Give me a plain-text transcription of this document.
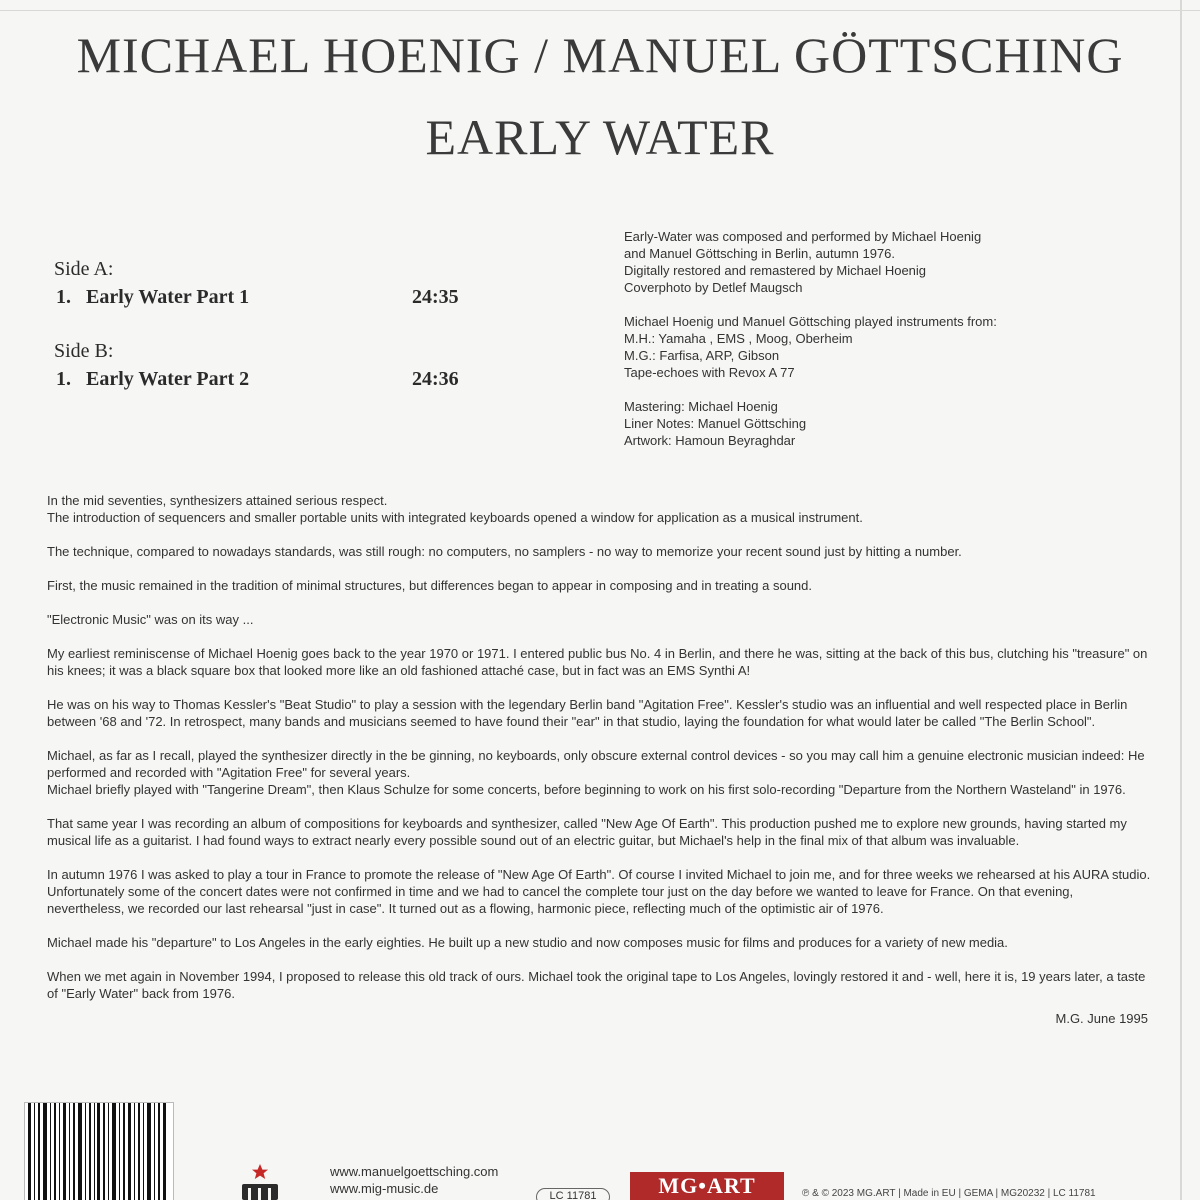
MICHAEL HOENIG / MANUEL GÖTTSCHING
EARLY WATER
Side A:
1. Early Water Part 1	24:35
Side B:
1. Early Water Part 2	24:36
Early-Water was composed and performed by Michael Hoenig
and Manuel Göttsching in Berlin, autumn 1976.
Digitally restored and remastered by Michael Hoenig
Coverphoto by Detlef Maugsch
Michael Hoenig und Manuel Göttsching played instruments from:
M.H.: Yamaha , EMS , Moog, Oberheim
M.G.: Farfisa, ARP, Gibson
Tape-echoes with Revox A 77
Mastering: Michael Hoenig
Liner Notes: Manuel Göttsching
Artwork: Hamoun Beyraghdar

In the mid seventies, synthesizers attained serious respect.
The introduction of sequencers and smaller portable units with integrated keyboards opened a window for application as a musical instrument.

The technique, compared to nowadays standards, was still rough: no computers, no samplers - no way to memorize your recent sound just by hitting a number.

First, the music remained in the tradition of minimal structures, but differences began to appear in composing and in treating a sound.

"Electronic Music" was on its way ...

My earliest reminiscense of Michael Hoenig goes back to the year 1970 or 1971. I entered public bus No. 4 in Berlin, and there he was, sitting at the back of this bus, clutching his "treasure" on his knees; it was a black square box that looked more like an old fashioned attaché case, but in fact was an EMS Synthi A!

He was on his way to Thomas Kessler's "Beat Studio" to play a session with the legendary Berlin band "Agitation Free". Kessler's studio was an influential and well respected place in Berlin between '68 and '72. In retrospect, many bands and musicians seemed to have found their "ear" in that studio, laying the foundation for what would later be called "The Berlin School".

Michael, as far as I recall, played the synthesizer directly in the be ginning, no keyboards, only obscure external control devices - so you may call him a genuine electronic musician indeed: He performed and recorded with "Agitation Free" for several years.
Michael briefly played with "Tangerine Dream", then Klaus Schulze for some concerts, before beginning to work on his first solo-recording "Departure from the Northern Wasteland" in 1976.

That same year I was recording an album of compositions for keyboards and synthesizer, called "New Age Of Earth". This production pushed me to explore new grounds, having started my musical life as a guitarist. I had found ways to extract nearly every possible sound out of an electric guitar, but Michael's help in the final mix of that album was invaluable.

In autumn 1976 I was asked to play a tour in France to promote the release of "New Age Of Earth". Of course I invited Michael to join me, and for three weeks we rehearsed at his AURA studio. Unfortunately some of the concert dates were not confirmed in time and we had to cancel the complete tour just on the day before we wanted to leave for France. On that evening, nevertheless, we recorded our last rehearsal "just in case". It turned out as a flowing, harmonic piece, reflecting much of the optimistic air of 1976.

Michael made his "departure" to Los Angeles in the early eighties. He built up a new studio and now composes music for films and produces for a variety of new media.

When we met again in November 1994, I proposed to release this old track of ours. Michael took the original tape to Los Angeles, lovingly restored it and - well, here it is, 19 years later, a taste of "Early Water" back from 1976.

M.G. June 1995
www.manuelgoettsching.com
www.mig-music.de	LC 11781	MG•ART	℗ & © 2023 MG.ART | Made in EU | GEMA | MG20232 | LC 11781
